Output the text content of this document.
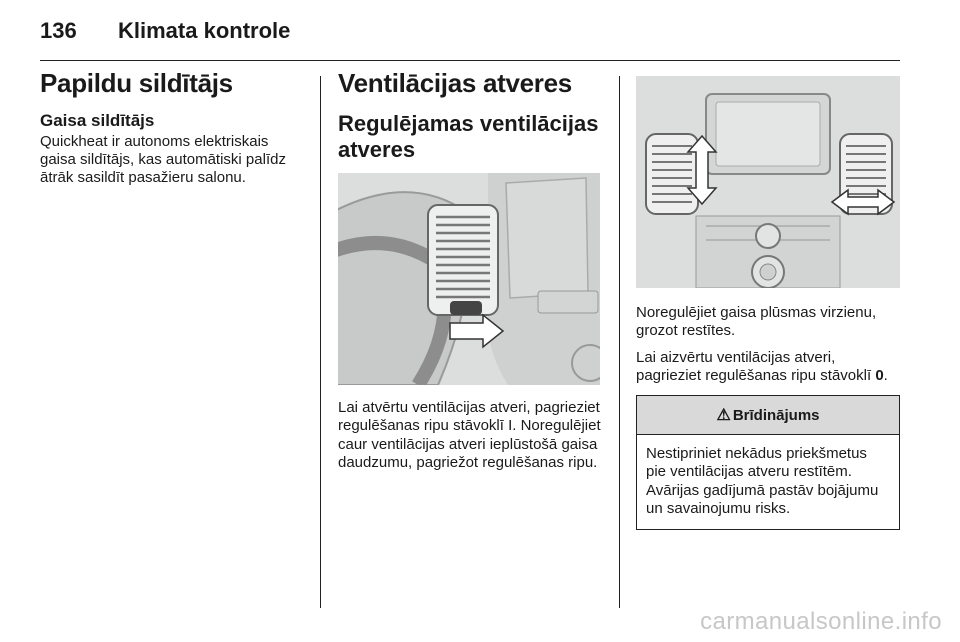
136 Klimata kontrole
Papildu sildītājs
Gaisa sildītājs

Quickheat ir autonoms elektriskais gaisa sildītājs, kas automātiski palīdz ātrāk sasildīt pasažieru salonu.

Ventilācijas atveres
Regulējamas ventilācijas atveres

Lai atvērtu ventilācijas atveri, pagrieziet regulēšanas ripu stāvoklī I. Noregulējiet caur ventilācijas atveri ieplūstošā gaisa daudzumu, pagriežot regulēšanas ripu.

Noregulējiet gaisa plūsmas virzienu, grozot restītes.

Lai aizvērtu ventilācijas atveri, pagrieziet regulēšanas ripu stāvoklī 0.

⚠ Brīdinājums

Nestipriniet nekādus priekšmetus pie ventilācijas atveru restītēm. Avārijas gadījumā pastāv bojājumu un savainojumu risks.

carmanualsonline.info
